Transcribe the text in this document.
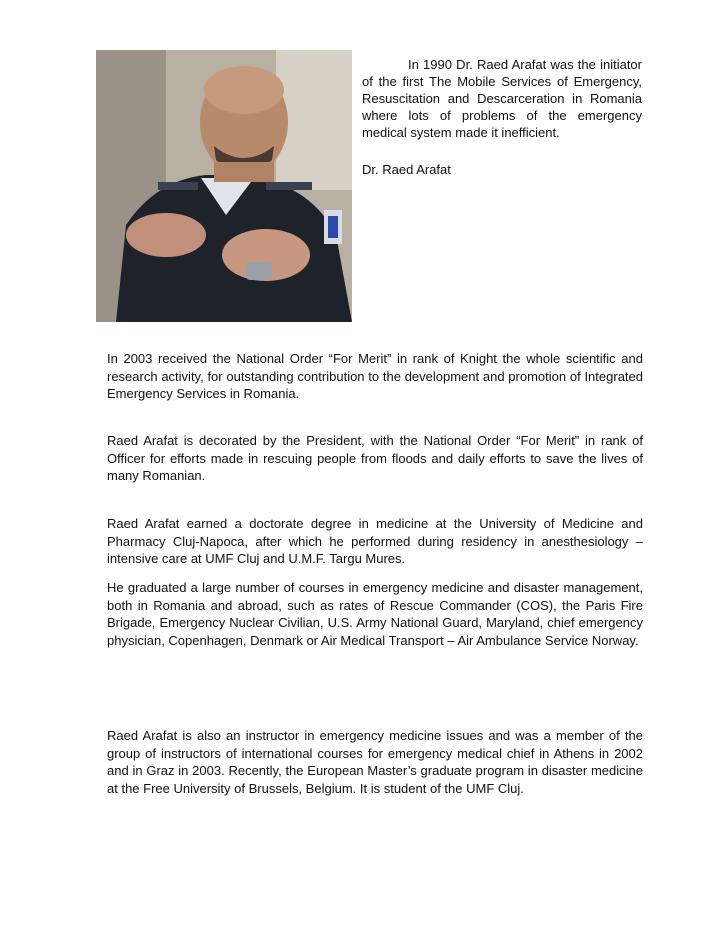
In 1990 Dr. Raed Arafat was the initiator of the first The Mobile Services of Emergency, Resuscitation and Descarceration in Romania where lots of problems of the emergency medical system made it inefficient.

Dr. Raed Arafat

In 2003 received the National Order “For Merit” in rank of Knight the whole scientific and research activity, for outstanding contribution to the development and promotion of Integrated Emergency Services in Romania.

Raed Arafat is decorated by the President, with the National Order “For Merit” in rank of Officer for efforts made in rescuing people from floods and daily efforts to save the lives of many Romanian.

Raed Arafat earned a doctorate degree in medicine at the University of Medicine and Pharmacy Cluj-Napoca, after which he performed during residency in anesthesiology – intensive care at UMF Cluj and U.M.F. Targu Mures.

He graduated a large number of courses in emergency medicine and disaster management, both in Romania and abroad, such as rates of Rescue Commander (COS), the Paris Fire Brigade, Emergency Nuclear Civilian, U.S. Army National Guard, Maryland, chief emergency physician, Copenhagen, Denmark or Air Medical Transport – Air Ambulance Service Norway.

Raed Arafat is also an instructor in emergency medicine issues and was a member of the group of instructors of international courses for emergency medical chief in Athens in 2002 and in Graz in 2003. Recently, the European Master’s graduate program in disaster medicine at the Free University of Brussels, Belgium. It is student of the UMF Cluj.
